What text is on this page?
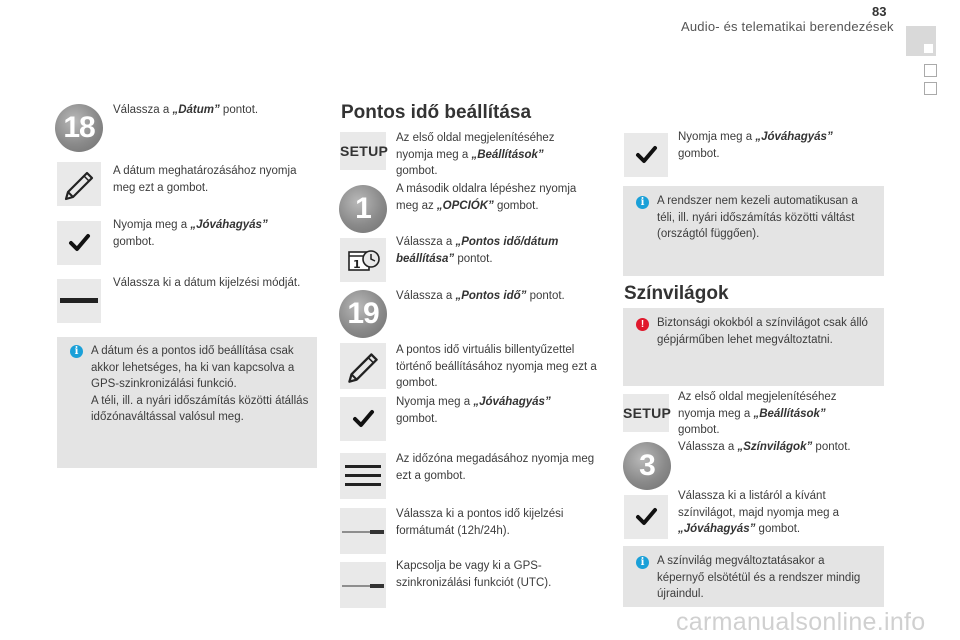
83
Audio- és telematikai berendezések
18
Válassza a „Dátum” pontot.
A dátum meghatározásához nyomja meg ezt a gombot.
Nyomja meg a „Jóváhagyás”
gombot.
Válassza ki a dátum kijelzési módját.
i	A dátum és a pontos idő beállítása csak akkor lehetséges, ha ki van kapcsolva a GPS-szinkronizálási funkció.
A téli, ill. a nyári időszámítás közötti átállás időzónaváltással valósul meg.
Pontos idő beállítása
SETUP
Az első oldal megjelenítéséhez nyomja meg a „Beállítások”
gombot.
1
A második oldalra lépéshez nyomja meg az „OPCIÓK” gombot.
1
Válassza a „Pontos idő/dátum beállítása” pontot.
19
Válassza a „Pontos idő” pontot.
A pontos idő virtuális billentyűzettel történő beállításához nyomja meg ezt a gombot.
Nyomja meg a „Jóváhagyás”
gombot.
Az időzóna megadásához nyomja meg ezt a gombot.
Válassza ki a pontos idő kijelzési formátumát (12h/24h).
Kapcsolja be vagy ki a GPS-szinkronizálási funkciót (UTC).
Nyomja meg a „Jóváhagyás”
gombot.
i	A rendszer nem kezeli automatikusan a téli, ill. nyári időszámítás közötti váltást (országtól függően).
Színvilágok
!	Biztonsági okokból a színvilágot csak álló gépjárműben lehet megváltoztatni.
SETUP
Az első oldal megjelenítéséhez nyomja meg a „Beállítások”
gombot.
3
Válassza a „Színvilágok” pontot.
Válassza ki a listáról a kívánt színvilágot, majd nyomja meg a „Jóváhagyás” gombot.
i	A színvilág megváltoztatásakor a képernyő elsötétül és a rendszer mindig újraindul.
carmanualsonline.info
